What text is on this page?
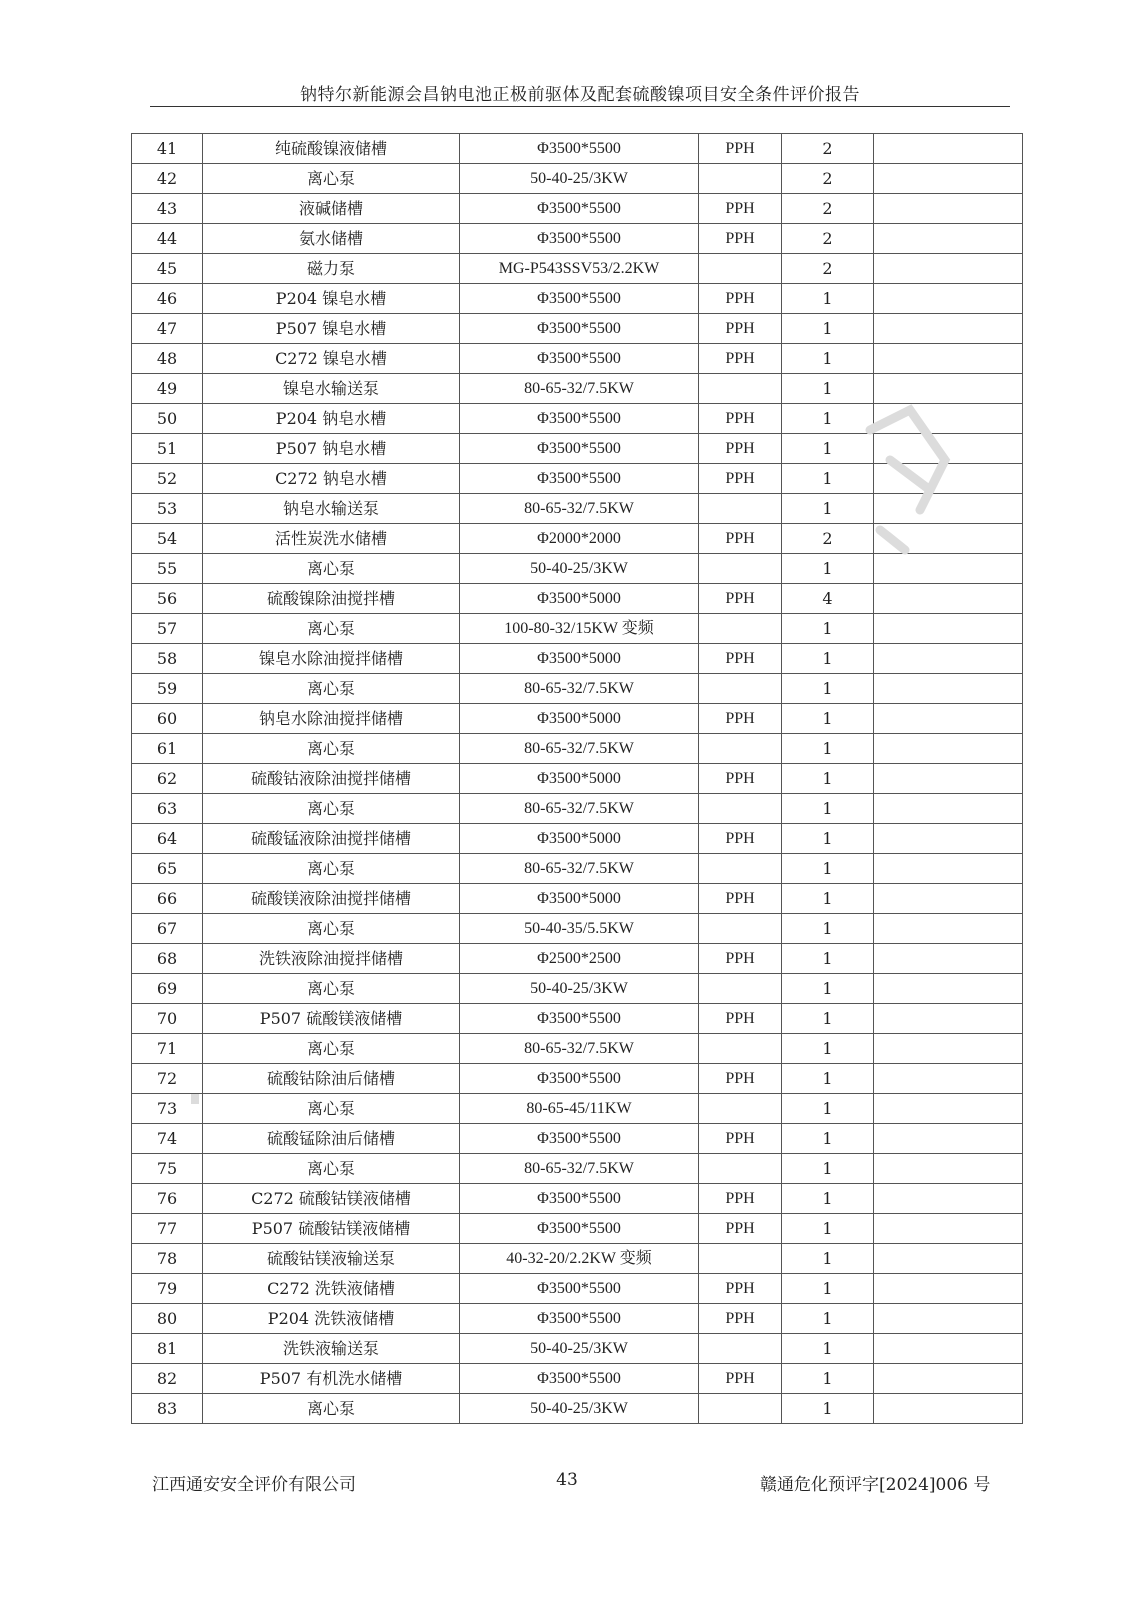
钠特尔新能源会昌钠电池正极前驱体及配套硫酸镍项目安全条件评价报告
41	纯硫酸镍液储槽	Φ3500*5500	PPH	2	
42	离心泵	50-40-25/3KW		2	
43	液碱储槽	Φ3500*5500	PPH	2	
44	氨水储槽	Φ3500*5500	PPH	2	
45	磁力泵	MG-P543SSV53/2.2KW		2	
46	P204 镍皂水槽	Φ3500*5500	PPH	1	
47	P507 镍皂水槽	Φ3500*5500	PPH	1	
48	C272 镍皂水槽	Φ3500*5500	PPH	1	
49	镍皂水输送泵	80-65-32/7.5KW		1	
50	P204 钠皂水槽	Φ3500*5500	PPH	1	
51	P507 钠皂水槽	Φ3500*5500	PPH	1	
52	C272 钠皂水槽	Φ3500*5500	PPH	1	
53	钠皂水输送泵	80-65-32/7.5KW		1	
54	活性炭洗水储槽	Φ2000*2000	PPH	2	
55	离心泵	50-40-25/3KW		1	
56	硫酸镍除油搅拌槽	Φ3500*5000	PPH	4	
57	离心泵	100-80-32/15KW 变频		1	
58	镍皂水除油搅拌储槽	Φ3500*5000	PPH	1	
59	离心泵	80-65-32/7.5KW		1	
60	钠皂水除油搅拌储槽	Φ3500*5000	PPH	1	
61	离心泵	80-65-32/7.5KW		1	
62	硫酸钴液除油搅拌储槽	Φ3500*5000	PPH	1	
63	离心泵	80-65-32/7.5KW		1	
64	硫酸锰液除油搅拌储槽	Φ3500*5000	PPH	1	
65	离心泵	80-65-32/7.5KW		1	
66	硫酸镁液除油搅拌储槽	Φ3500*5000	PPH	1	
67	离心泵	50-40-35/5.5KW		1	
68	洗铁液除油搅拌储槽	Φ2500*2500	PPH	1	
69	离心泵	50-40-25/3KW		1	
70	P507 硫酸镁液储槽	Φ3500*5500	PPH	1	
71	离心泵	80-65-32/7.5KW		1	
72	硫酸钴除油后储槽	Φ3500*5500	PPH	1	
73	离心泵	80-65-45/11KW		1	
74	硫酸锰除油后储槽	Φ3500*5500	PPH	1	
75	离心泵	80-65-32/7.5KW		1	
76	C272 硫酸钴镁液储槽	Φ3500*5500	PPH	1	
77	P507 硫酸钴镁液储槽	Φ3500*5500	PPH	1	
78	硫酸钴镁液输送泵	40-32-20/2.2KW 变频		1	
79	C272 洗铁液储槽	Φ3500*5500	PPH	1	
80	P204 洗铁液储槽	Φ3500*5500	PPH	1	
81	洗铁液输送泵	50-40-25/3KW		1	
82	P507 有机洗水储槽	Φ3500*5500	PPH	1	
83	离心泵	50-40-25/3KW		1	
江西通安安全评价有限公司	43	赣通危化预评字[2024]006 号
